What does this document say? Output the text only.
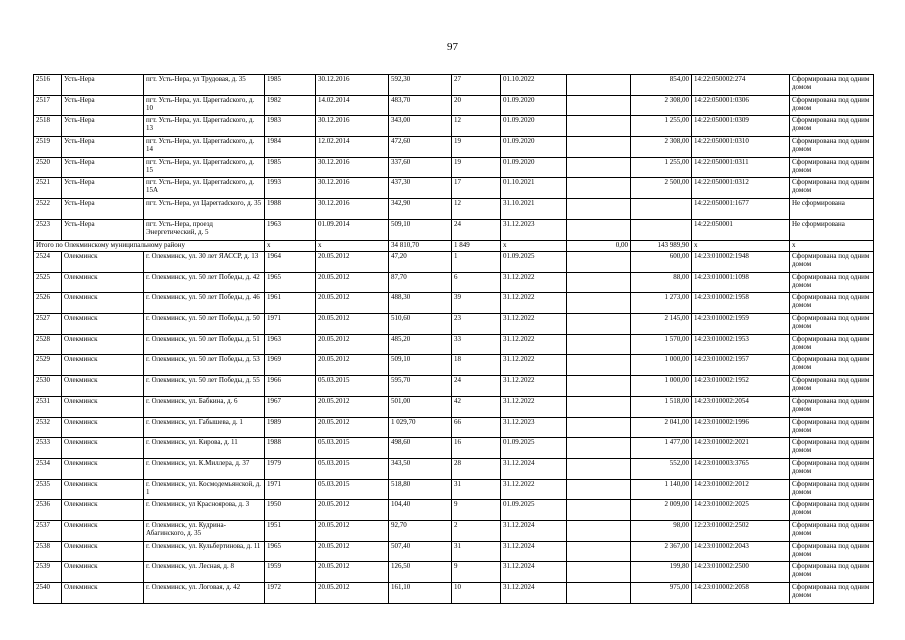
97
2516	Усть-Нера	пгт. Усть-Нера, ул Трудовая, д. 35	1985	30.12.2016	592,30	27	01.10.2022		854,00	14:22:050002:274	Сформирована под одним домом
2517	Усть-Нера	пгт. Усть-Нера, ул. Царегradского, д. 10	1982	14.02.2014	483,70	20	01.09.2020		2 308,00	14:22:050001:0306	Сформирована под одним домом
2518	Усть-Нера	пгт. Усть-Нера, ул. Царегradского, д. 13	1983	30.12.2016	343,00	12	01.09.2020		1 255,00	14:22:050001:0309	Сформирована под одним домом
2519	Усть-Нера	пгт. Усть-Нера, ул. Царегradского, д. 14	1984	12.02.2014	472,60	19	01.09.2020		2 308,00	14:22:050001:0310	Сформирована под одним домом
2520	Усть-Нера	пгт. Усть-Нера, ул. Царегradского, д. 15	1985	30.12.2016	337,60	19	01.09.2020		1 255,00	14:22:050001:0311	Сформирована под одним домом
2521	Усть-Нера	пгт. Усть-Нера, ул. Царегradского, д. 15А	1993	30.12.2016	437,30	17	01.10.2021		2 500,00	14:22:050001:0312	Сформирована под одним домом
2522	Усть-Нера	пгт. Усть-Нера, ул Царегradского, д. 35	1988	30.12.2016	342,90	12	31.10.2021			14:22:050001:1677	Не сформирована
2523	Усть-Нера	пгт. Усть-Нера, проезд Энергетический, д. 5	1963	01.09.2014	509,10	24	31.12.2023			14:22:050001	Не сформирована
Итого по Олекминскому муниципальному району			x	x	34 810,70	1 849	x	0,00	143 989,90	x	x
2524	Олекминск	г. Олекминск, ул. 30 лет ЯАССР, д. 13	1964	20.05.2012	47,20	1	01.09.2025		600,00	14:23:010002:1948	Сформирована под одним домом
2525	Олекминск	г. Олекминск, ул. 50 лет Победы, д. 42	1965	20.05.2012	87,70	6	31.12.2022		88,00	14:23:010001:1098	Сформирована под одним домом
2526	Олекминск	г. Олекминск, ул. 50 лет Победы, д. 46	1961	20.05.2012	488,30	39	31.12.2022		1 273,00	14:23:010002:1958	Сформирована под одним домом
2527	Олекминск	г. Олекминск, ул. 50 лет Победы, д. 50	1971	20.05.2012	510,60	23	31.12.2022		2 145,00	14:23:010002:1959	Сформирована под одним домом
2528	Олекминск	г. Олекминск, ул. 50 лет Победы, д. 51	1963	20.05.2012	485,20	33	31.12.2022		1 570,00	14:23:010002:1953	Сформирована под одним домом
2529	Олекминск	г. Олекминск, ул. 50 лет Победы, д. 53	1969	20.05.2012	509,10	18	31.12.2022		1 000,00	14:23:010002:1957	Сформирована под одним домом
2530	Олекминск	г. Олекминск, ул. 50 лет Победы, д. 55	1966	05.03.2015	595,70	24	31.12.2022		1 000,00	14:23:010002:1952	Сформирована под одним домом
2531	Олекминск	г. Олекминск, ул. Бабкина, д. 6	1967	20.05.2012	501,00	42	31.12.2022		1 518,00	14:23:010002:2054	Сформирована под одним домом
2532	Олекминск	г. Олекминск, ул. Габышева, д. 1	1989	20.05.2012	1 029,70	66	31.12.2023		2 041,00	14:23:010002:1996	Сформирована под одним домом
2533	Олекминск	г. Олекминск, ул. Кирова, д. 11	1988	05.03.2015	498,60	16	01.09.2025		1 477,00	14:23:010002:2021	Сформирована под одним домом
2534	Олекминск	г. Олекминск, ул. К.Миллера, д. 37	1979	05.03.2015	343,50	28	31.12.2024		552,00	14:23:010003:3765	Сформирована под одним домом
2535	Олекминск	г. Олекминск, ул. Космодемьянской, д. 1	1971	05.03.2015	518,80	31	31.12.2022		1 140,00	14:23:010002:2012	Сформирована под одним домом
2536	Олекминск	г. Олекминск, ул Красноярова, д. 3	1950	20.05.2012	104,40	9	01.09.2025		2 009,00	14:23:010002:2025	Сформирована под одним домом
2537	Олекминск	г. Олекминск, ул. Кудрина-Абагинского, д. 35	1951	20.05.2012	92,70	2	31.12.2024		98,00	12:23:010002:2502	Сформирована под одним домом
2538	Олекминск	г. Олекминск, ул. Кульбертинова, д. 11	1965	20.05.2012	507,40	31	31.12.2024		2 367,00	14:23:010002:2043	Сформирована под одним домом
2539	Олекминск	г. Олекминск, ул. Лесная, д. 8	1959	20.05.2012	126,50	9	31.12.2024		199,80	14:23:010002:2500	Сформирована под одним домом
2540	Олекминск	г. Олекминск, ул. Логовая, д. 42	1972	20.05.2012	161,10	10	31.12.2024		975,00	14:23:010002:2058	Сформирована под одним домом
